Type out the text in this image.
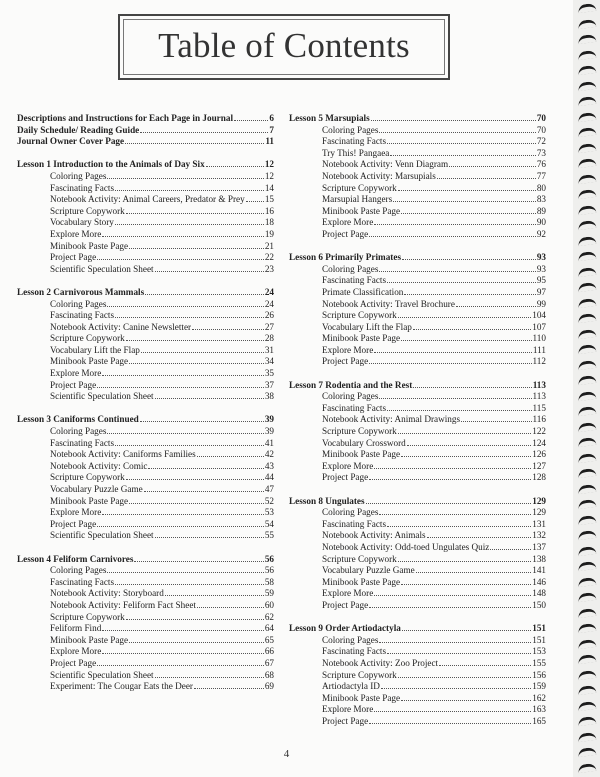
Table of Contents
Descriptions and Instructions for Each Page in Journal	6
Daily Schedule/ Reading Guide	7
Journal Owner Cover Page	11
Lesson 1 Introduction to the Animals of Day Six	12
Coloring Pages	12
Fascinating Facts	14
Notebook Activity: Animal Careers, Predator & Prey 15
Scripture Copywork	16
Vocabulary Story	18
Explore More	19
Minibook Paste Page	21
Project Page	22
Scientific Speculation Sheet	23
Lesson 2 Carnivorous Mammals	24
Coloring Pages	24
Fascinating Facts	26
Notebook Activity: Canine Newsletter	27
Scripture Copywork	28
Vocabulary Lift the Flap	31
Minibook Paste Page	34
Explore More	35
Project Page	37
Scientific Speculation Sheet	38
Lesson 3 Caniforms Continued	39
Coloring Pages	39
Fascinating Facts	41
Notebook Activity: Caniforms Families	42
Notebook Activity: Comic	43
Scripture Copywork	44
Vocabulary Puzzle Game	47
Minibook Paste Page	52
Explore More	53
Project Page	54
Scientific Speculation Sheet	55
Lesson 4 Feliform Carnivores	56
Coloring Pages	56
Fascinating Facts	58
Notebook Activity: Storyboard	59
Notebook Activity: Feliform Fact Sheet	60
Scripture Copywork	62
Feliform Find	64
Minibook Paste Page	65
Explore More	66
Project Page	67
Scientific Speculation Sheet	68
Experiment: The Cougar Eats the Deer	69
Lesson 5 Marsupials	70
Coloring Pages	70
Fascinating Facts	72
Try This! Pangaea	73
Notebook Activity: Venn Diagram	76
Notebook Activity: Marsupials	77
Scripture Copywork	80
Marsupial Hangers	83
Minibook Paste Page	89
Explore More	90
Project Page	92
Lesson 6 Primarily Primates	93
Coloring Pages	93
Fascinating Facts	95
Primate Classification	97
Notebook Activity: Travel Brochure	99
Scripture Copywork	104
Vocabulary Lift the Flap	107
Minibook Paste Page	110
Explore More	111
Project Page	112
Lesson 7 Rodentia and the Rest	113
Coloring Pages	113
Fascinating Facts	115
Notebook Activity: Animal Drawings	116
Scripture Copywork	122
Vocabulary Crossword	124
Minibook Paste Page	126
Explore More	127
Project Page	128
Lesson 8 Ungulates	129
Coloring Pages	129
Fascinating Facts	131
Notebook Activity: Animals	132
Notebook Activity: Odd-toed Ungulates Quiz	137
Scripture Copywork	138
Vocabulary Puzzle Game	141
Minibook Paste Page	146
Explore More	148
Project Page	150
Lesson 9 Order Artiodactyla	151
Coloring Pages	151
Fascinating Facts	153
Notebook Activity: Zoo Project	155
Scripture Copywork	156
Artiodactyla ID	159
Minibook Paste Page	162
Explore More	163
Project Page	165
4
